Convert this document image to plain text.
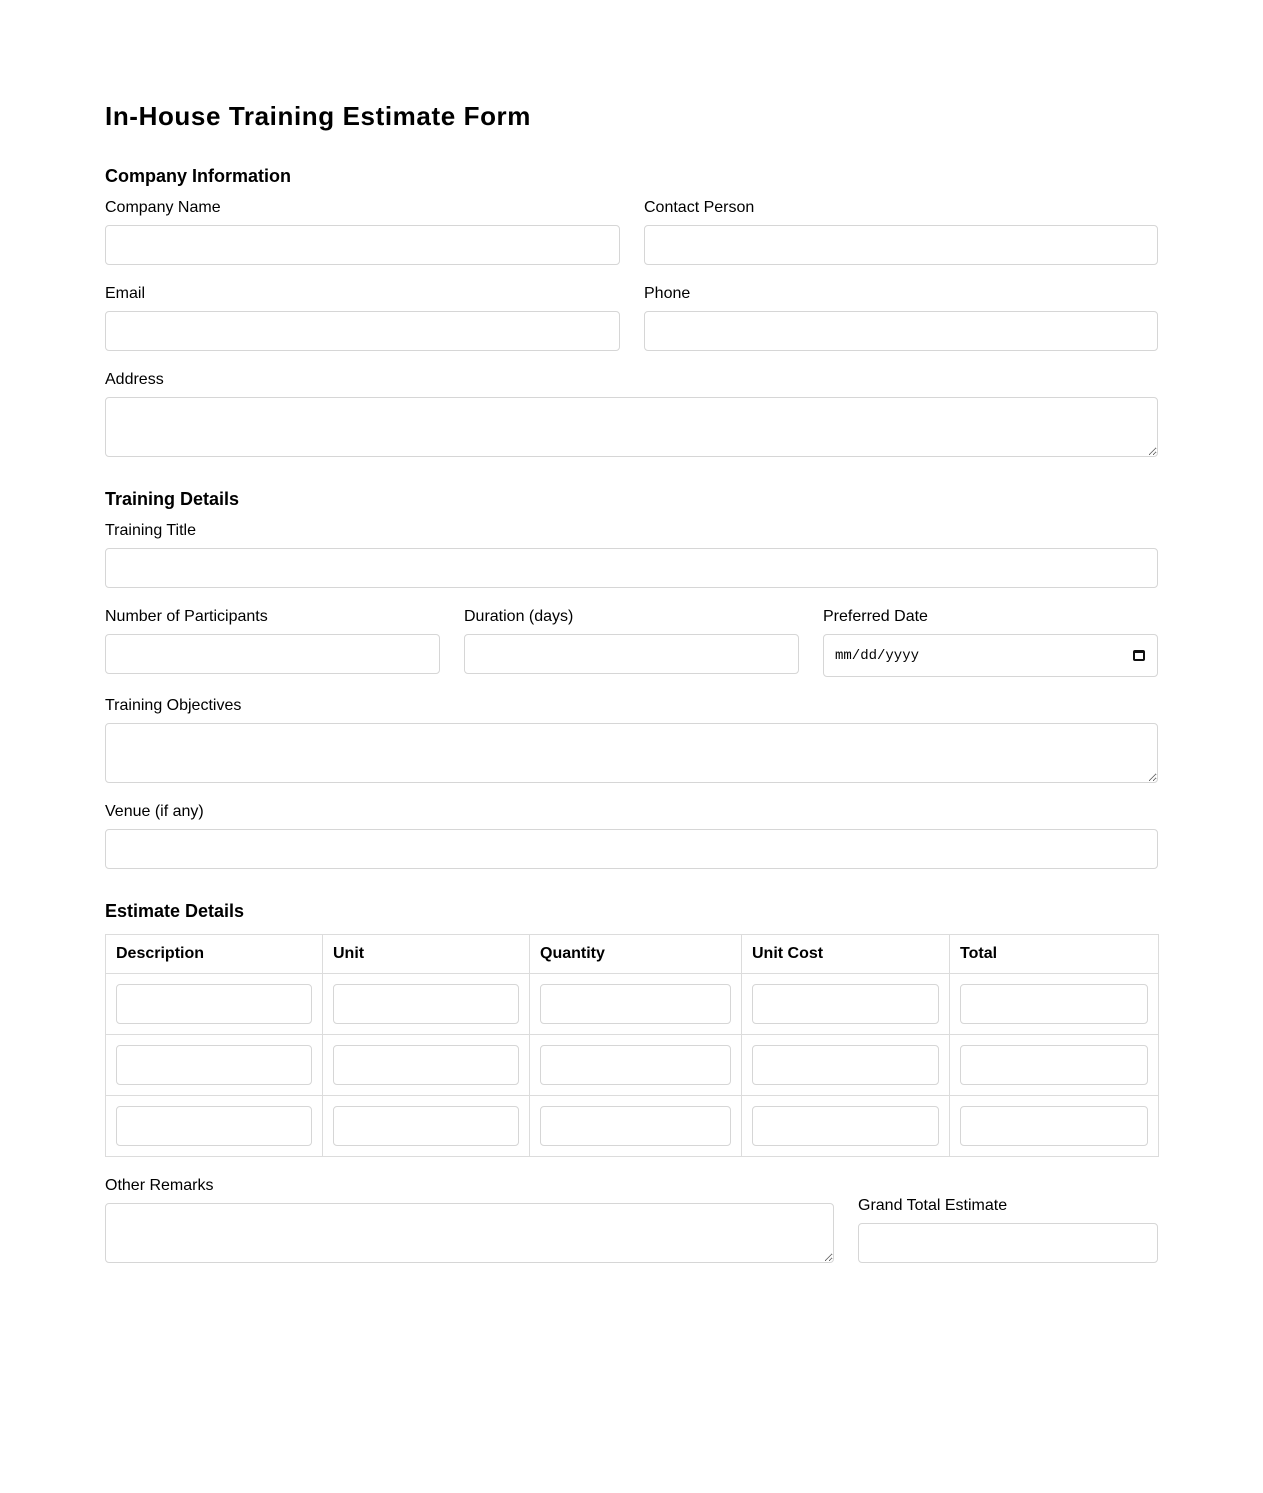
In-House Training Estimate Form
Company Information
Company Name	Contact Person
Email	Phone
Address
Training Details
Training Title
Number of Participants	Duration (days)	Preferred Date
mm/dd/yyyy
Training Objectives
Venue (if any)
Estimate Details
Description	Unit	Quantity	Unit Cost	Total

Other Remarks
Grand Total Estimate
